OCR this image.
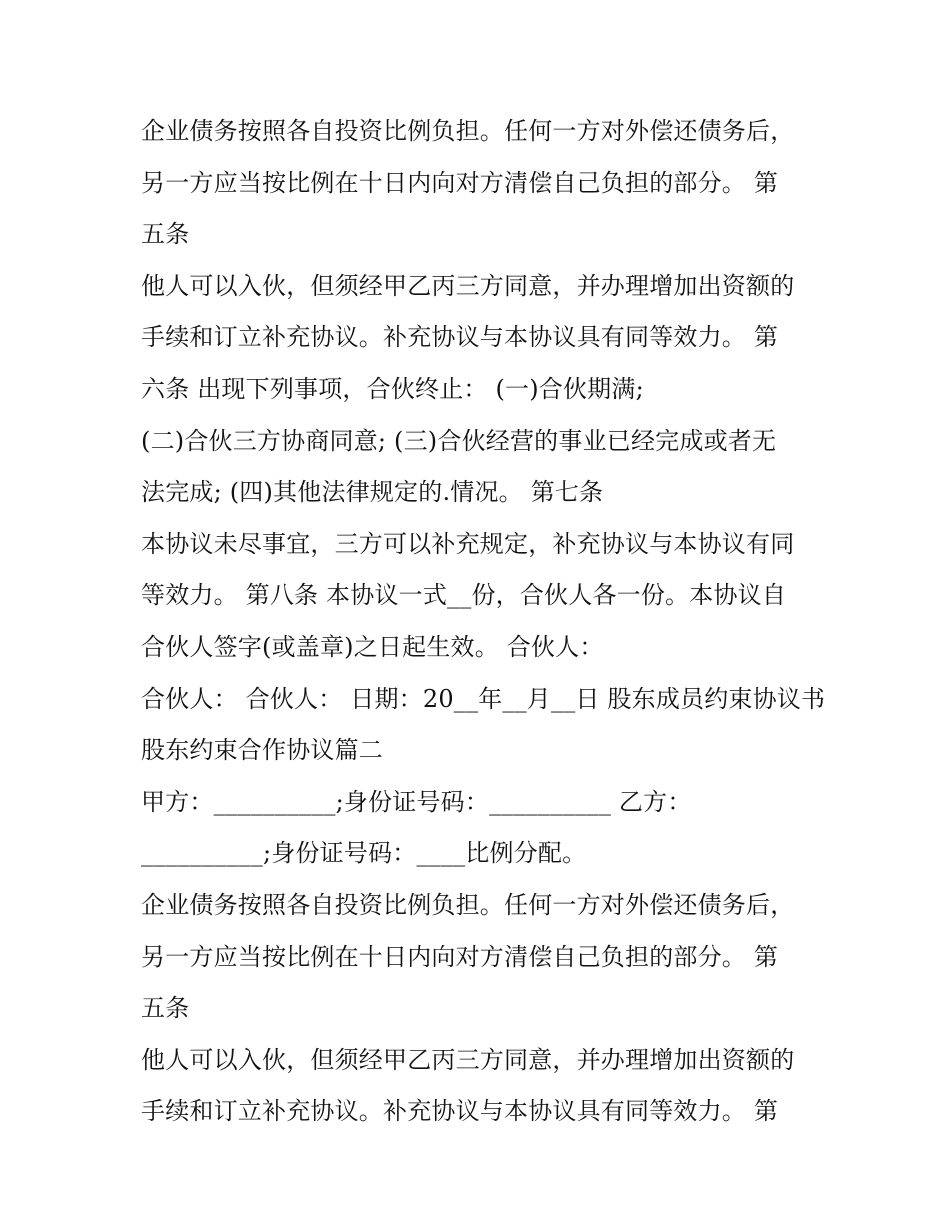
企业债务按照各自投资比例负担。任何一方对外偿还债务后，
另一方应当按比例在十日内向对方清偿自己负担的部分。 第
五条
他人可以入伙，但须经甲乙丙三方同意，并办理增加出资额的
手续和订立补充协议。补充协议与本协议具有同等效力。 第
六条 出现下列事项，合伙终止： (一)合伙期满;
(二)合伙三方协商同意; (三)合伙经营的事业已经完成或者无
法完成; (四)其他法律规定的.情况。 第七条
本协议未尽事宜，三方可以补充规定，补充协议与本协议有同
等效力。 第八条 本协议一式__份，合伙人各一份。本协议自
合伙人签字(或盖章)之日起生效。 合伙人：
合伙人： 合伙人： 日期：20__年__月__日 股东成员约束协议书
股东约束合作协议篇二
甲方：__________;身份证号码：__________ 乙方：
__________;身份证号码：____比例分配。
企业债务按照各自投资比例负担。任何一方对外偿还债务后，
另一方应当按比例在十日内向对方清偿自己负担的部分。 第
五条
他人可以入伙，但须经甲乙丙三方同意，并办理增加出资额的
手续和订立补充协议。补充协议与本协议具有同等效力。 第
